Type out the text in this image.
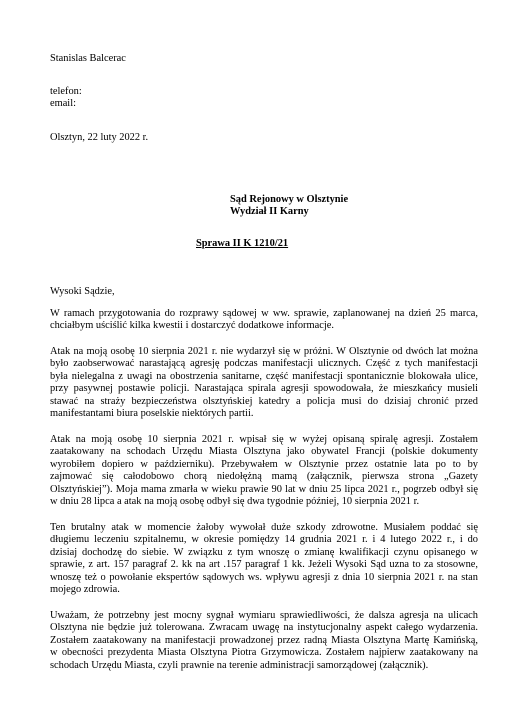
Stanislas Balcerac
telefon:
email:
Olsztyn, 22 luty 2022 r.
Sąd Rejonowy w Olsztynie
Wydział II Karny
Sprawa II K 1210/21
Wysoki Sądzie,
W ramach przygotowania do rozprawy sądowej w ww. sprawie, zaplanowanej na dzień 25 marca,
chciałbym uściślić kilka kwestii i dostarczyć dodatkowe informacje.
Atak na moją osobę 10 sierpnia 2021 r. nie wydarzył się w próżni. W Olsztynie od dwóch lat można
było zaobserwować narastającą agresję podczas manifestacji ulicznych. Część z tych manifestacji
była nielegalna z uwagi na obostrzenia sanitarne, część manifestacji spontanicznie blokowała ulice,
przy pasywnej postawie policji. Narastająca spirala agresji spowodowała, że mieszkańcy musieli
stawać na straży bezpieczeństwa olsztyńskiej katedry a policja musi do dzisiaj chronić przed
manifestantami biura poselskie niektórych partii.
Atak na moją osobę 10 sierpnia 2021 r. wpisał się w wyżej opisaną spiralę agresji. Zostałem
zaatakowany na schodach Urzędu Miasta Olsztyna jako obywatel Francji (polskie dokumenty
wyrobiłem dopiero w październiku). Przebywałem w Olsztynie przez ostatnie lata po to by
zajmować się całodobowo chorą niedołężną mamą (załącznik, pierwsza strona „Gazety
Olsztyńskiej”). Moja mama zmarła w wieku prawie 90 lat w dniu 25 lipca 2021 r., pogrzeb odbył się
w dniu 28 lipca a atak na moją osobę odbył się dwa tygodnie później, 10 sierpnia 2021 r.
Ten brutalny atak w momencie żałoby wywołał duże szkody zdrowotne. Musiałem poddać się
długiemu leczeniu szpitalnemu, w okresie pomiędzy 14 grudnia 2021 r. i 4 lutego 2022 r., i do
dzisiaj dochodzę do siebie. W związku z tym wnoszę o zmianę kwalifikacji czynu opisanego w
sprawie, z art. 157 paragraf 2. kk na art .157 paragraf 1 kk. Jeżeli Wysoki Sąd uzna to za stosowne,
wnoszę też o powołanie ekspertów sądowych ws. wpływu agresji z dnia 10 sierpnia 2021 r. na stan
mojego zdrowia.
Uważam, że potrzebny jest mocny sygnał wymiaru sprawiedliwości, że dalsza agresja na ulicach
Olsztyna nie będzie już tolerowana. Zwracam uwagę na instytucjonalny aspekt całego wydarzenia.
Zostałem zaatakowany na manifestacji prowadzonej przez radną Miasta Olsztyna Martę Kamińską,
w obecności prezydenta Miasta Olsztyna Piotra Grzymowicza. Zostałem najpierw zaatakowany na
schodach Urzędu Miasta, czyli prawnie na terenie administracji samorządowej (załącznik).
